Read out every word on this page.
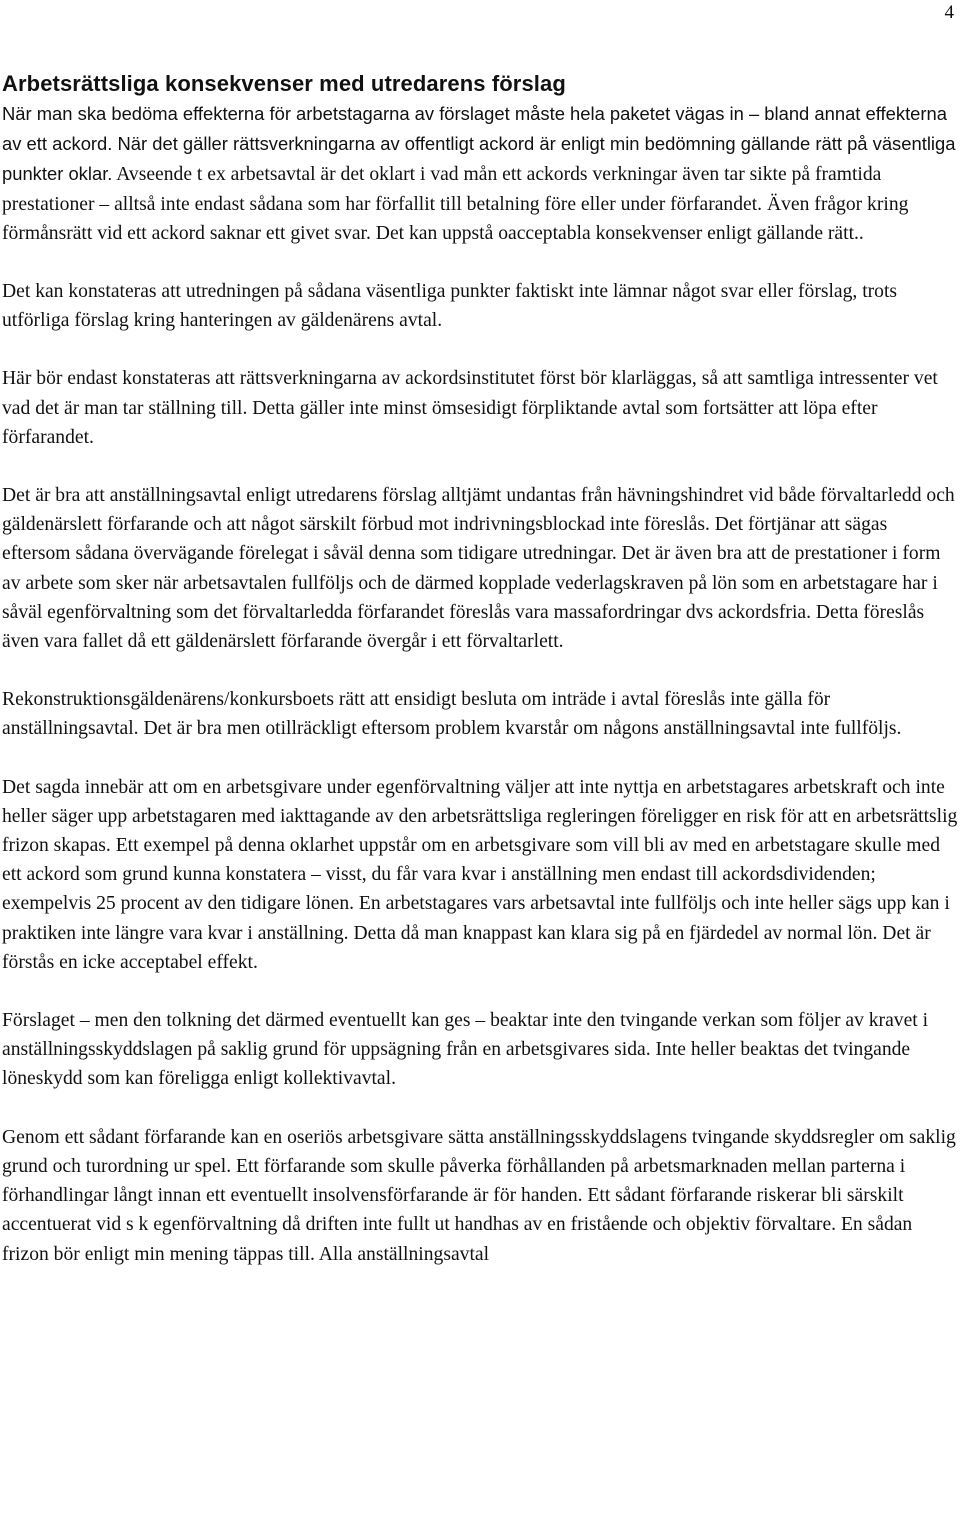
4
Arbetsrättsliga konsekvenser med utredarens förslag

När man ska bedöma effekterna för arbetstagarna av förslaget måste hela paketet vägas in – bland annat effekterna av ett ackord. När det gäller rättsverkningarna av offentligt ackord är enligt min bedömning gällande rätt på väsentliga punkter oklar. Avseende t ex arbetsavtal är det oklart i vad mån ett ackords verkningar även tar sikte på framtida prestationer – alltså inte endast sådana som har förfallit till betalning före eller under förfarandet. Även frågor kring förmånsrätt vid ett ackord saknar ett givet svar. Det kan uppstå oacceptabla konsekvenser enligt gällande rätt..

Det kan konstateras att utredningen på sådana väsentliga punkter faktiskt inte lämnar något svar eller förslag, trots utförliga förslag kring hanteringen av gäldenärens avtal.

Här bör endast konstateras att rättsverkningarna av ackordsinstitutet först bör klarläggas, så att samtliga intressenter vet vad det är man tar ställning till. Detta gäller inte minst ömsesidigt förpliktande avtal som fortsätter att löpa efter förfarandet.

Det är bra att anställningsavtal enligt utredarens förslag alltjämt undantas från hävningshindret vid både förvaltarledd och gäldenärslett förfarande och att något särskilt förbud mot indrivningsblockad inte föreslås. Det förtjänar att sägas eftersom sådana övervägande förelegat i såväl denna som tidigare utredningar. Det är även bra att de prestationer i form av arbete som sker när arbetsavtalen fullföljs och de därmed kopplade vederlagskraven på lön som en arbetstagare har i såväl egenförvaltning som det förvaltarledda förfarandet föreslås vara massafordringar dvs ackordsfria. Detta föreslås även vara fallet då ett gäldenärslett förfarande övergår i ett förvaltarlett.

Rekonstruktionsgäldenärens/konkursboets rätt att ensidigt besluta om inträde i avtal föreslås inte gälla för anställningsavtal. Det är bra men otillräckligt eftersom problem kvarstår om någons anställningsavtal inte fullföljs.

Det sagda innebär att om en arbetsgivare under egenförvaltning väljer att inte nyttja en arbetstagares arbetskraft och inte heller säger upp arbetstagaren med iakttagande av den arbetsrättsliga regleringen föreligger en risk för att en arbetsrättslig frizon skapas. Ett exempel på denna oklarhet uppstår om en arbetsgivare som vill bli av med en arbetstagare skulle med ett ackord som grund kunna konstatera – visst, du får vara kvar i anställning men endast till ackordsdividenden; exempelvis 25 procent av den tidigare lönen. En arbetstagares vars arbetsavtal inte fullföljs och inte heller sägs upp kan i praktiken inte längre vara kvar i anställning. Detta då man knappast kan klara sig på en fjärdedel av normal lön. Det är förstås en icke acceptabel effekt.

Förslaget – men den tolkning det därmed eventuellt kan ges – beaktar inte den tvingande verkan som följer av kravet i anställningsskyddslagen på saklig grund för uppsägning från en arbetsgivares sida. Inte heller beaktas det tvingande löneskydd som kan föreligga enligt kollektivavtal.

Genom ett sådant förfarande kan en oseriös arbetsgivare sätta anställningsskyddslagens tvingande skyddsregler om saklig grund och turordning ur spel. Ett förfarande som skulle påverka förhållanden på arbetsmarknaden mellan parterna i förhandlingar långt innan ett eventuellt insolvensförfarande är för handen. Ett sådant förfarande riskerar bli särskilt accentuerat vid s k egenförvaltning då driften inte fullt ut handhas av en fristående och objektiv förvaltare. En sådan frizon bör enligt min mening täppas till. Alla anställningsavtal
